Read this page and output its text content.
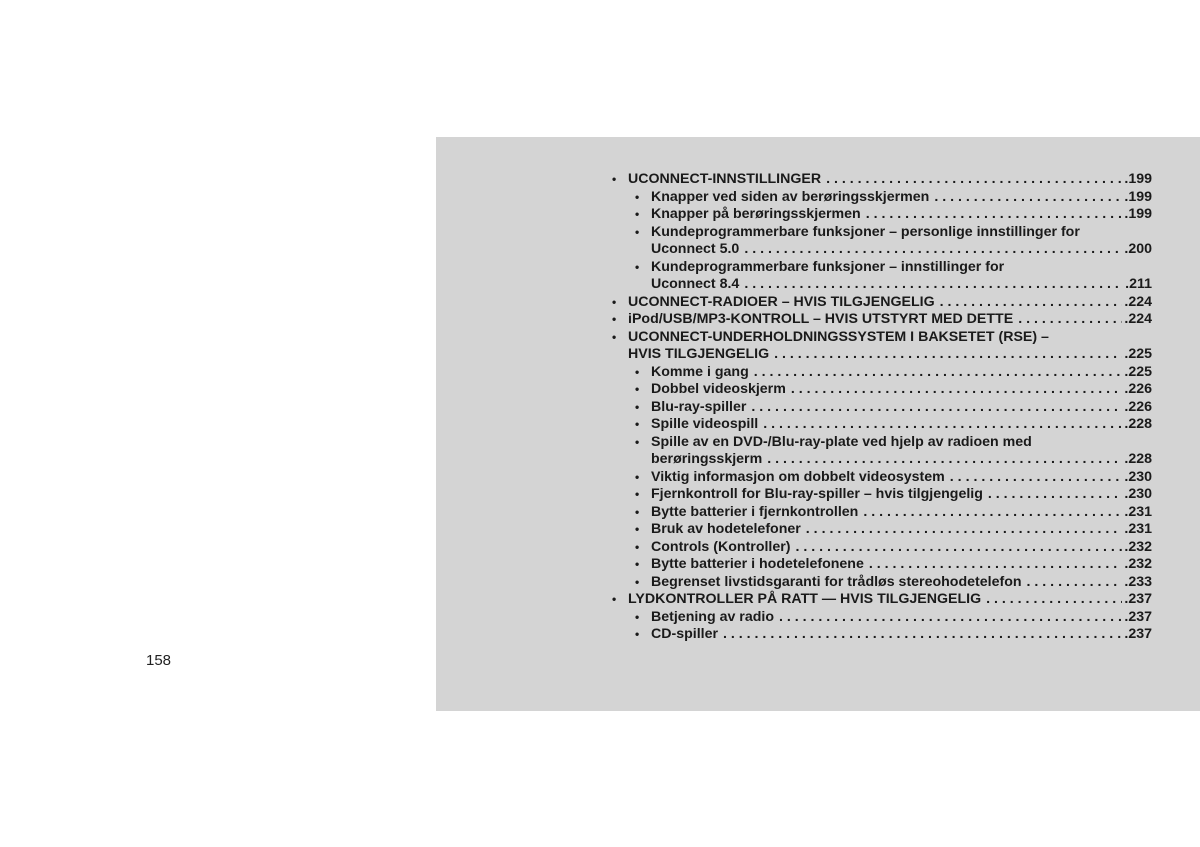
158
• UCONNECT-INNSTILLINGER . . .	.199
• Knapper ved siden av berøringsskjermen . . .	.199
• Knapper på berøringsskjermen . . .	.199
• Kundeprogrammerbare funksjoner – personlige innstillinger for
Uconnect 5.0 . . .	.200
• Kundeprogrammerbare funksjoner – innstillinger for
Uconnect 8.4 . . .	.211
• UCONNECT-RADIOER – HVIS TILGJENGELIG . . .	.224
• iPod/USB/MP3-KONTROLL – HVIS UTSTYRT MED DETTE . . .	.224
• UCONNECT-UNDERHOLDNINGSSYSTEM I BAKSETET (RSE) –
HVIS TILGJENGELIG . . .	.225
• Komme i gang . . .	.225
• Dobbel videoskjerm . . .	.226
• Blu-ray-spiller . . .	.226
• Spille videospill . . .	.228
• Spille av en DVD-/Blu-ray-plate ved hjelp av radioen med
berøringsskjerm . . .	.228
• Viktig informasjon om dobbelt videosystem . . .	.230
• Fjernkontroll for Blu-ray-spiller – hvis tilgjengelig . . .	.230
• Bytte batterier i fjernkontrollen . . .	.231
• Bruk av hodetelefoner . . .	.231
• Controls (Kontroller) . . .	.232
• Bytte batterier i hodetelefonene . . .	.232
• Begrenset livstidsgaranti for trådløs stereohodetelefon . . .	.233
• LYDKONTROLLER PÅ RATT — HVIS TILGJENGELIG . . .	.237
• Betjening av radio . . .	.237
• CD-spiller . . .	.237
